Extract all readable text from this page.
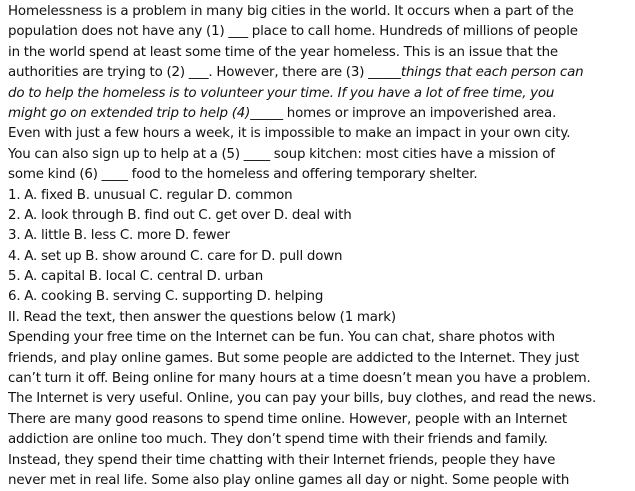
Homelessness is a problem in many big cities in the world. It occurs when a part of the
population does not have any (1) ___ place to call home. Hundreds of millions of people
in the world spend at least some time of the year homeless. This is an issue that the
authorities are trying to (2) ___. However, there are (3) _____things that each person can
do to help the homeless is to volunteer your time. If you have a lot of free time, you
might go on extended trip to help (4)_____ homes or improve an impoverished area.
Even with just a few hours a week, it is impossible to make an impact in your own city.
You can also sign up to help at a (5) ____ soup kitchen: most cities have a mission of
some kind (6) ____ food to the homeless and offering temporary shelter.
1. A. fixed B. unusual C. regular D. common
2. A. look through B. find out C. get over D. deal with
3. A. little B. less C. more D. fewer
4. A. set up B. show around C. care for D. pull down
5. A. capital B. local C. central D. urban
6. A. cooking B. serving C. supporting D. helping
II. Read the text, then answer the questions below (1 mark)
Spending your free time on the Internet can be fun. You can chat, share photos with
friends, and play online games. But some people are addicted to the Internet. They just
can’t turn it off. Being online for many hours at a time doesn’t mean you have a problem.
The Internet is very useful. Online, you can pay your bills, buy clothes, and read the news.
There are many good reasons to spend time online. However, people with an Internet
addiction are online too much. They don’t spend time with their friends and family.
Instead, they spend their time chatting with their Internet friends, people they have
never met in real life. Some also play online games all day or night. Some people with
